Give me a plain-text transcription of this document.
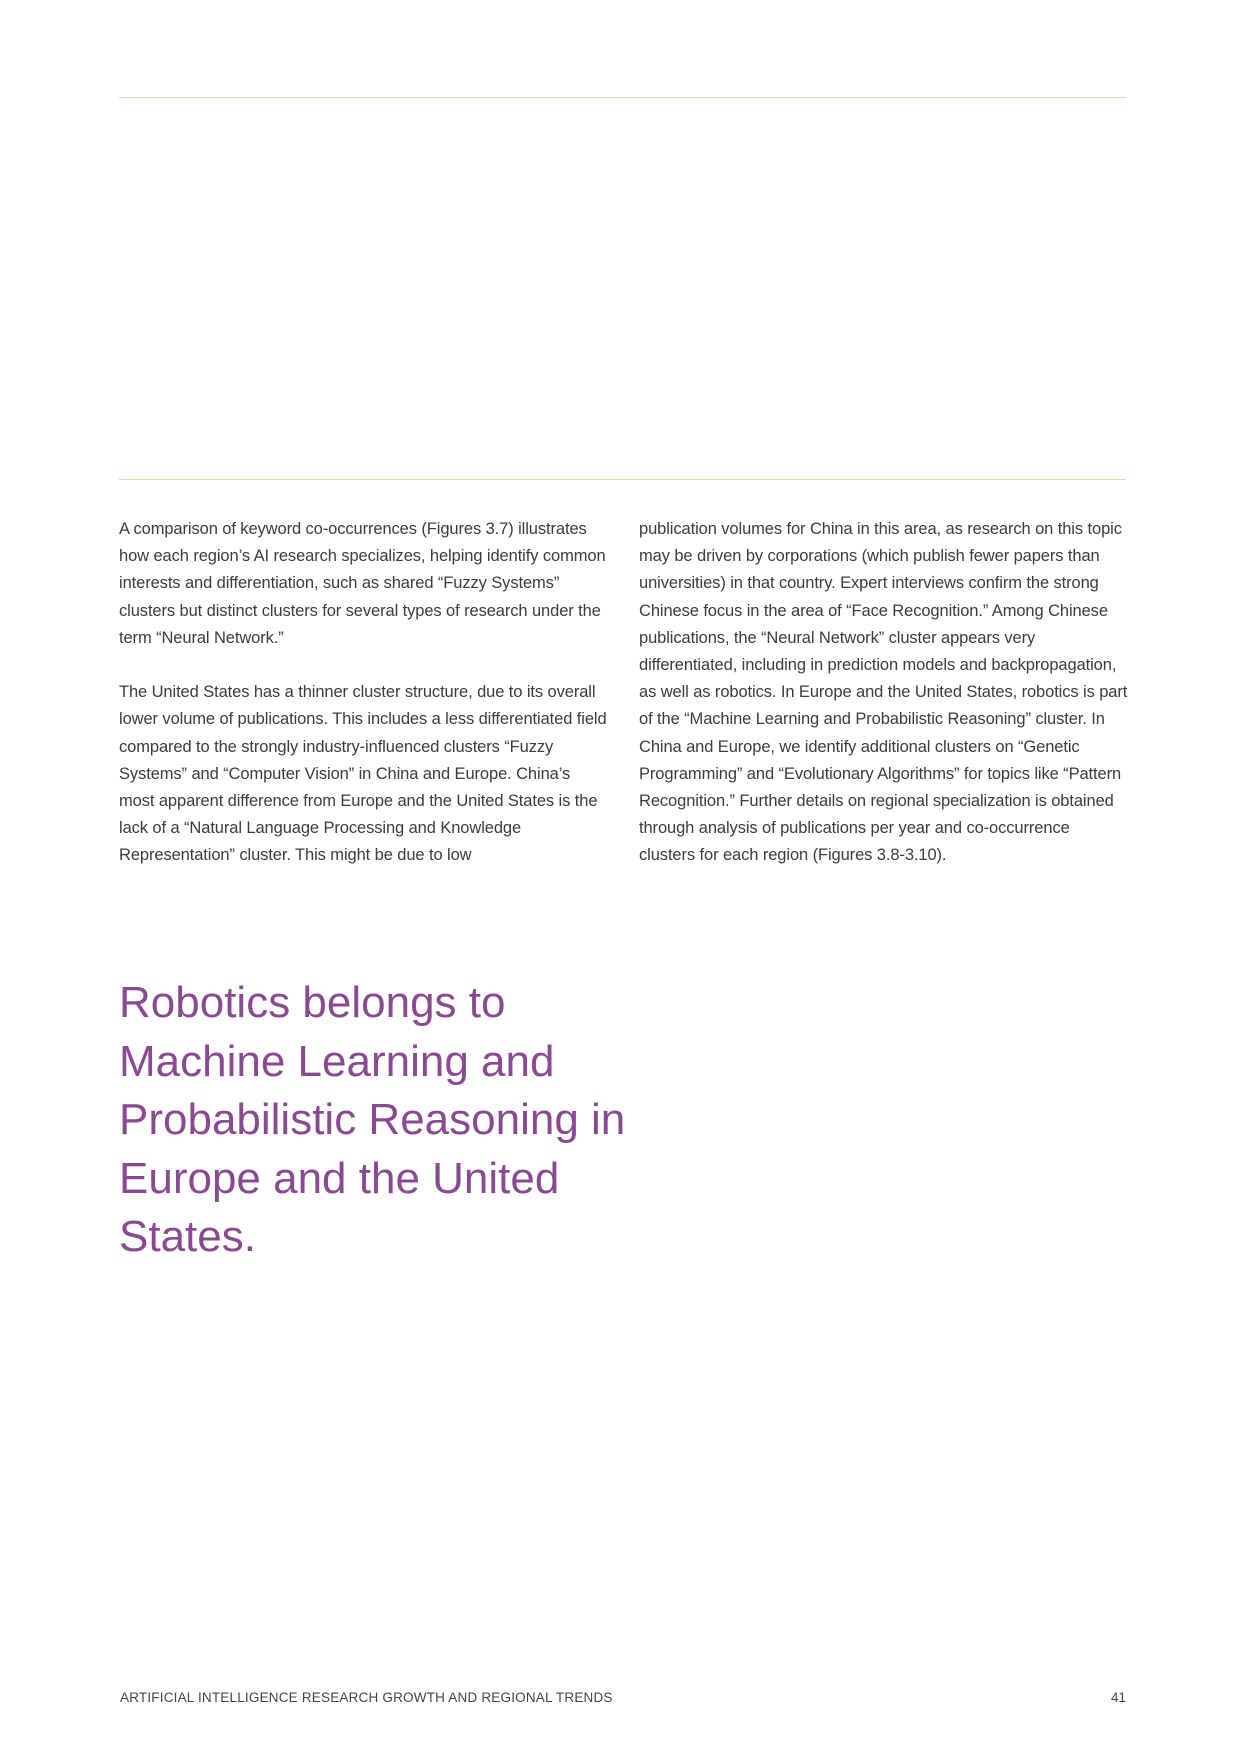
A comparison of keyword co-occurrences (Figures 3.7) illustrates how each region’s AI research specializes, helping identify common interests and differentiation, such as shared “Fuzzy Systems” clusters but distinct clusters for several types of research under the term “Neural Network.”

The United States has a thinner cluster structure, due to its overall lower volume of publications. This includes a less differentiated field compared to the strongly industry-influenced clusters “Fuzzy Systems” and “Computer Vision” in China and Europe. China’s most apparent difference from Europe and the United States is the lack of a “Natural Language Processing and Knowledge Representation” cluster. This might be due to low

publication volumes for China in this area, as research on this topic may be driven by corporations (which publish fewer papers than universities) in that country. Expert interviews confirm the strong Chinese focus in the area of “Face Recognition.” Among Chinese publications, the “Neural Network” cluster appears very differentiated, including in prediction models and backpropagation, as well as robotics. In Europe and the United States, robotics is part of the “Machine Learning and Probabilistic Reasoning” cluster. In China and Europe, we identify additional clusters on “Genetic Programming” and “Evolutionary Algorithms” for topics like “Pattern Recognition.” Further details on regional specialization is obtained through analysis of publications per year and co-occurrence clusters for each region (Figures 3.8-3.10).

Robotics belongs to Machine Learning and Probabilistic Reasoning in Europe and the United States.
ARTIFICIAL INTELLIGENCE RESEARCH GROWTH AND REGIONAL TRENDS	41
